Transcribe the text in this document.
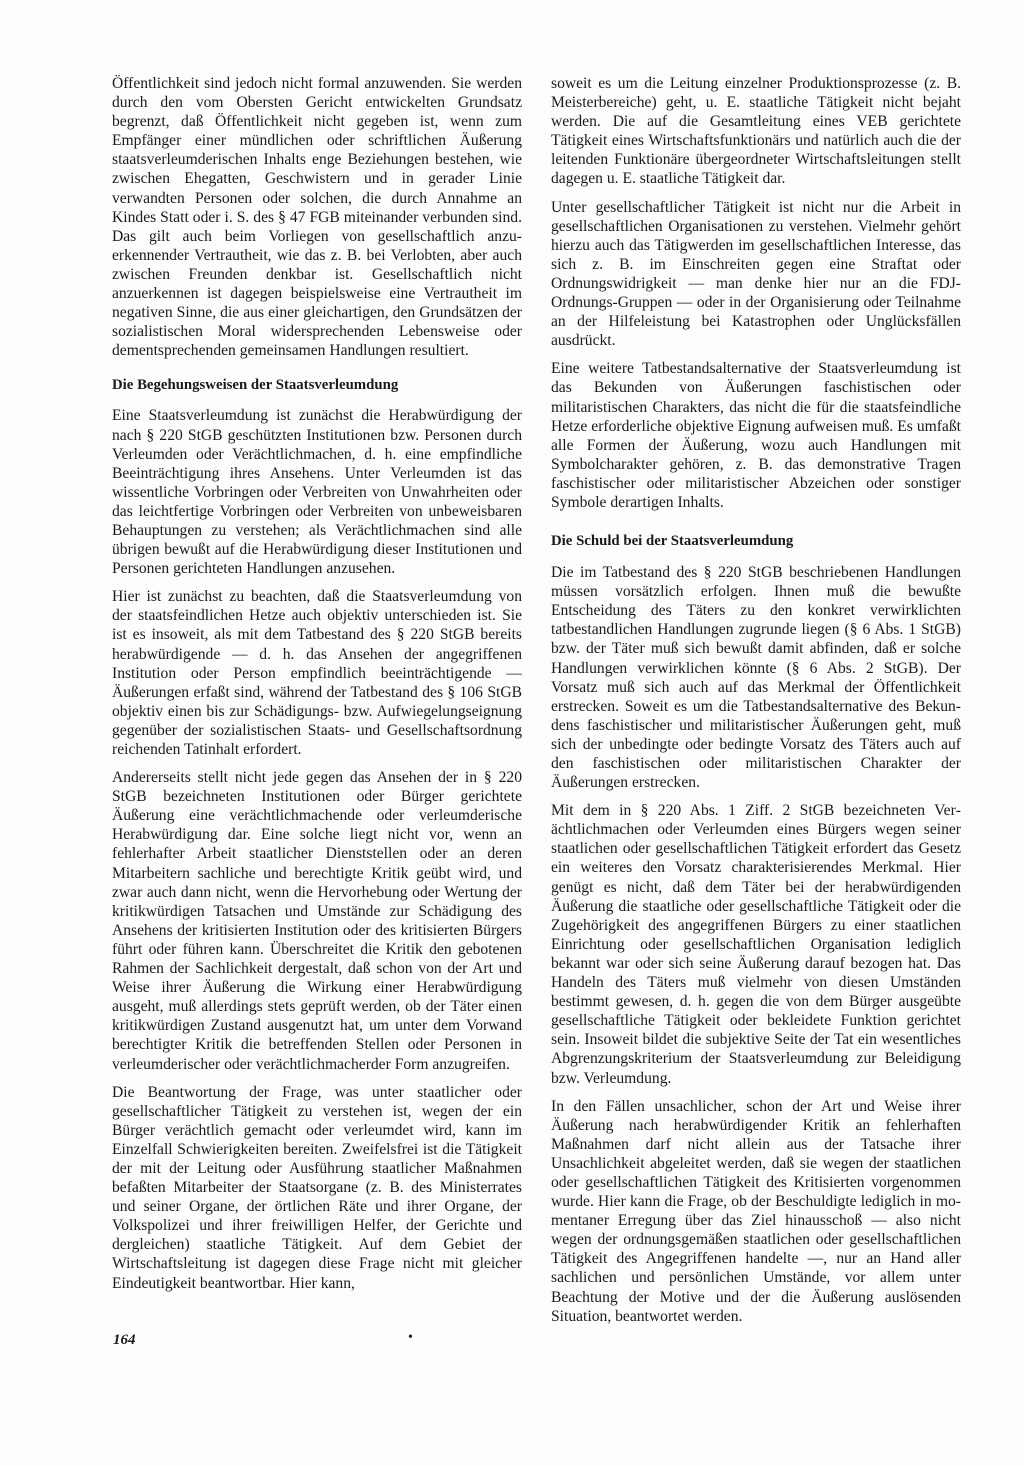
Öffentlichkeit sind jedoch nicht formal anzuwenden. Sie werden durch den vom Obersten Gericht entwickelten Grundsatz begrenzt, daß Öffentlichkeit nicht gegeben ist, wenn zum Empfänger einer mündlichen oder schriftlichen Äußerung staatsverleumderischen Inhalts enge Beziehungen bestehen, wie zwischen Ehegatten, Geschwistern und in gerader Linie verwandten Personen oder solchen, die durch Annahme an Kindes Statt oder i. S. des § 47 FGB miteinander verbunden sind. Das gilt auch beim Vorliegen von gesellschaftlich anzuerkennender Vertrautheit, wie das z. B. bei Verlobten, aber auch zwischen Freunden denkbar ist. Gesellschaftlich nicht anzuerkennen ist dagegen beispielsweise eine Vertrautheit im negativen Sinne, die aus einer gleichartigen, den Grundsätzen der sozialistischen Moral widersprechenden Lebensweise oder dementsprechenden gemeinsamen Handlungen resultiert.

Die Begehungsweisen der Staatsverleumdung

Eine Staatsverleumdung ist zunächst die Herabwürdigung der nach § 220 StGB geschützten Institutionen bzw. Personen durch Verleumden oder Verächtlichmachen, d. h. eine empfindliche Beeinträchtigung ihres Ansehens. Unter Verleumden ist das wissentliche Vorbringen oder Verbreiten von Unwahrheiten oder das leichtfertige Vorbringen oder Verbreiten von unbeweisbaren Behauptungen zu verstehen; als Verächtlichmachen sind alle übrigen bewußt auf die Herabwürdigung dieser Institutionen und Personen gerichteten Handlungen anzusehen.

Hier ist zunächst zu beachten, daß die Staatsverleumdung von der staatsfeindlichen Hetze auch objektiv unterschieden ist. Sie ist es insoweit, als mit dem Tatbestand des § 220 StGB bereits herabwürdigende — d. h. das Ansehen der angegriffenen Institution oder Person empfindlich beeinträchtigende — Äußerungen erfaßt sind, während der Tatbestand des § 106 StGB objektiv einen bis zur Schädigungs- bzw. Aufwiegelungseignung gegenüber der sozialistischen Staats- und Gesellschaftsordnung reichenden Tatinhalt erfordert.

Andererseits stellt nicht jede gegen das Ansehen der in § 220 StGB bezeichneten Institutionen oder Bürger gerichtete Äußerung eine verächtlichmachende oder verleumderische Herabwürdigung dar. Eine solche liegt nicht vor, wenn an fehlerhafter Arbeit staatlicher Dienststellen oder an deren Mitarbeitern sachliche und berechtigte Kritik geübt wird, und zwar auch dann nicht, wenn die Hervorhebung oder Wertung der kritikwürdigen Tatsachen und Umstände zur Schädigung des Ansehens der kritisierten Institution oder des kritisierten Bürgers führt oder führen kann. Überschreitet die Kritik den gebotenen Rahmen der Sachlichkeit dergestalt, daß schon von der Art und Weise ihrer Äußerung die Wirkung einer Herabwürdigung ausgeht, muß allerdings stets geprüft werden, ob der Täter einen kritikwürdigen Zustand ausgenutzt hat, um unter dem Vorwand berechtigter Kritik die betreffenden Stellen oder Personen in verleumderischer oder verächtlichmacherder Form anzugreifen.

Die Beantwortung der Frage, was unter staatlicher oder gesellschaftlicher Tätigkeit zu verstehen ist, wegen der ein Bürger verächtlich gemacht oder verleumdet wird, kann im Einzelfall Schwierigkeiten bereiten. Zweifelsfrei ist die Tätigkeit der mit der Leitung oder Ausführung staatlicher Maßnahmen befaßten Mitarbeiter der Staatsorgane (z. B. des Ministerrates und seiner Organe, der örtlichen Räte und ihrer Organe, der Volkspolizei und ihrer freiwilligen Helfer, der Gerichte und dergleichen) staatliche Tätigkeit. Auf dem Gebiet der Wirtschaftsleitung ist dagegen diese Frage nicht mit gleicher Eindeutigkeit beantwortbar. Hier kann,

soweit es um die Leitung einzelner Produktionsprozesse (z. B. Meisterbereiche) geht, u. E. staatliche Tätigkeit nicht bejaht werden. Die auf die Gesamtleitung eines VEB gerichtete Tätigkeit eines Wirtschaftsfunktionärs und natürlich auch die der leitenden Funktionäre übergeordneter Wirtschaftsleitungen stellt dagegen u. E. staatliche Tätigkeit dar.

Unter gesellschaftlicher Tätigkeit ist nicht nur die Arbeit in gesellschaftlichen Organisationen zu verstehen. Vielmehr gehört hierzu auch das Tätigwerden im gesellschaftlichen Interesse, das sich z. B. im Einschreiten gegen eine Straftat oder Ordnungswidrigkeit — man denke hier nur an die FDJ-Ordnungs-Gruppen — oder in der Organisierung oder Teilnahme an der Hilfeleistung bei Katastrophen oder Unglücksfällen ausdrückt.

Eine weitere Tatbestandsalternative der Staatsverleumdung ist das Bekunden von Äußerungen faschistischen oder militaristischen Charakters, das nicht die für die staatsfeindliche Hetze erforderliche objektive Eignung aufweisen muß. Es umfaßt alle Formen der Äußerung, wozu auch Handlungen mit Symbolcharakter gehören, z. B. das demonstrative Tragen faschistischer oder militaristischer Abzeichen oder sonstiger Symbole derartigen Inhalts.

Die Schuld bei der Staatsverleumdung

Die im Tatbestand des § 220 StGB beschriebenen Handlungen müssen vorsätzlich erfolgen. Ihnen muß die bewußte Entscheidung des Täters zu den konkret verwirklichten tatbestandlichen Handlungen zugrunde liegen (§ 6 Abs. 1 StGB) bzw. der Täter muß sich bewußt damit abfinden, daß er solche Handlungen verwirklichen könnte (§ 6 Abs. 2 StGB). Der Vorsatz muß sich auch auf das Merkmal der Öffentlichkeit erstrecken. Soweit es um die Tatbestandsalternative des Bekundens faschistischer und militaristischer Äußerungen geht, muß sich der unbedingte oder bedingte Vorsatz des Täters auch auf den faschistischen oder militaristischen Charakter der Äußerungen erstrecken.

Mit dem in § 220 Abs. 1 Ziff. 2 StGB bezeichneten Verächtlichmachen oder Verleumden eines Bürgers wegen seiner staatlichen oder gesellschaftlichen Tätigkeit erfordert das Gesetz ein weiteres den Vorsatz charakterisierendes Merkmal. Hier genügt es nicht, daß dem Täter bei der herabwürdigenden Äußerung die staatliche oder gesellschaftliche Tätigkeit oder die Zugehörigkeit des angegriffenen Bürgers zu einer staatlichen Einrichtung oder gesellschaftlichen Organisation lediglich bekannt war oder sich seine Äußerung darauf bezogen hat. Das Handeln des Täters muß vielmehr von diesen Umständen bestimmt gewesen, d. h. gegen die von dem Bürger ausgeübte gesellschaftliche Tätigkeit oder bekleidete Funktion gerichtet sein. Insoweit bildet die subjektive Seite der Tat ein wesentliches Abgrenzungskriterium der Staatsverleumdung zur Beleidigung bzw. Verleumdung.

In den Fällen unsachlicher, schon der Art und Weise ihrer Äußerung nach herabwürdigender Kritik an fehlerhaften Maßnahmen darf nicht allein aus der Tatsache ihrer Unsachlichkeit abgeleitet werden, daß sie wegen der staatlichen oder gesellschaftlichen Tätigkeit des Kritisierten vorgenommen wurde. Hier kann die Frage, ob der Beschuldigte lediglich in momentaner Erregung über das Ziel hinausschoß — also nicht wegen der ordnungsgemäßen staatlichen oder gesellschaftlichen Tätigkeit des Angegriffenen handelte —, nur an Hand aller sachlichen und persönlichen Umstände, vor allem unter Beachtung der Motive und der die Äußerung auslösenden Situation, beantwortet werden.

164	•
